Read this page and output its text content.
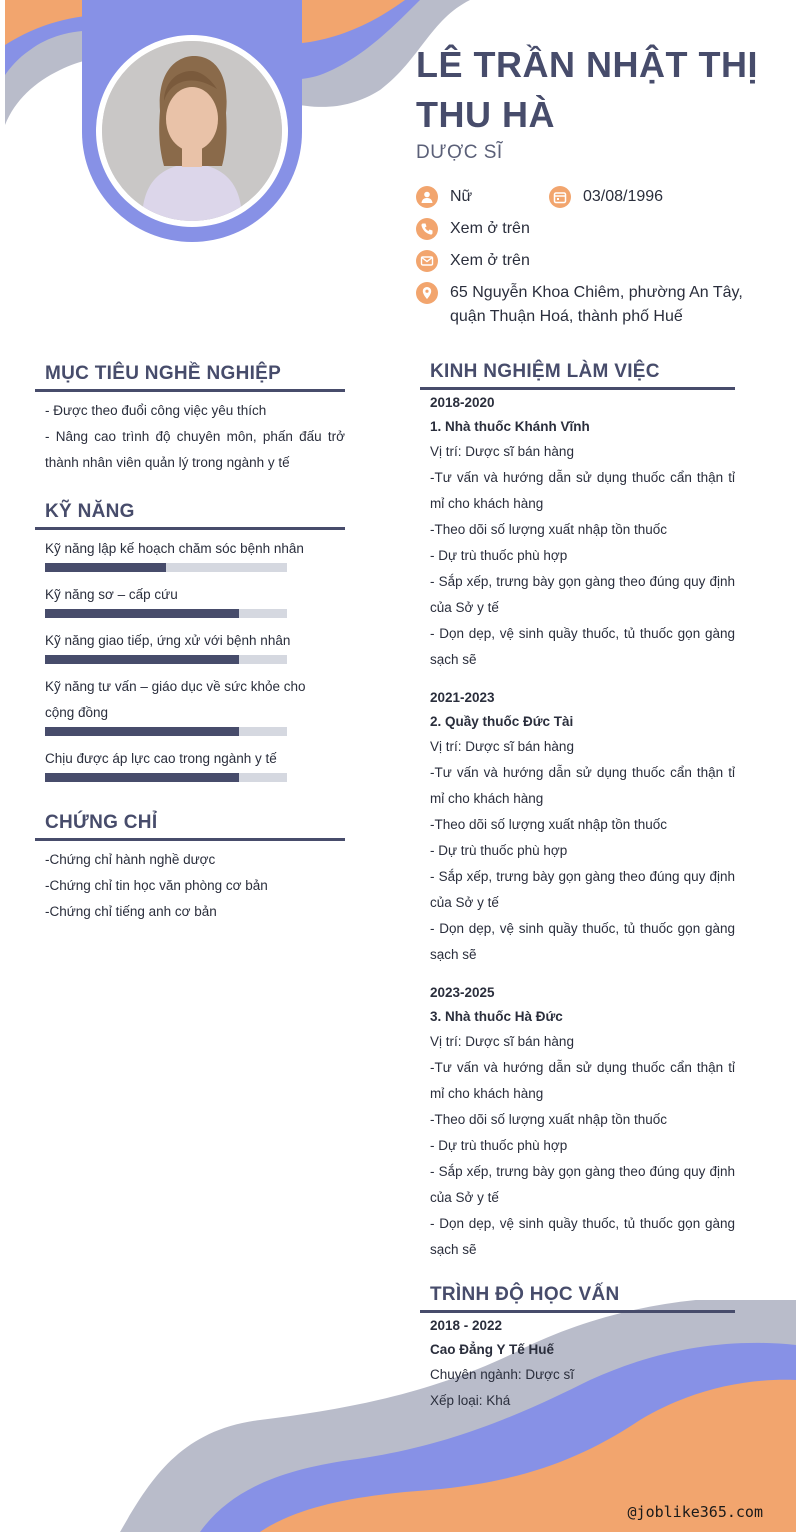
LÊ TRẦN NHẬT THỊ THU HÀ
DƯỢC SĨ
Nữ	03/08/1996
Xem ở trên
Xem ở trên
65 Nguyễn Khoa Chiêm, phường An Tây,
quận Thuận Hoá, thành phố Huế
MỤC TIÊU NGHỀ NGHIỆP
- Được theo đuổi công việc yêu thích
- Nâng cao trình độ chuyên môn, phấn đấu trở thành nhân viên quản lý trong ngành y tế
KỸ NĂNG
Kỹ năng lập kế hoạch chăm sóc bệnh nhân
Kỹ năng sơ – cấp cứu
Kỹ năng giao tiếp, ứng xử với bệnh nhân
Kỹ năng tư vấn – giáo dục về sức khỏe cho cộng đồng
Chịu được áp lực cao trong ngành y tế
CHỨNG CHỈ
-Chứng chỉ hành nghề dược
-Chứng chỉ tin học văn phòng cơ bản
-Chứng chỉ tiếng anh cơ bản
KINH NGHIỆM LÀM VIỆC
2018-2020
1. Nhà thuốc Khánh Vĩnh
Vị trí: Dược sĩ bán hàng
-Tư vấn và hướng dẫn sử dụng thuốc cẩn thận tỉ mỉ cho khách hàng
-Theo dõi số lượng xuất nhập tồn thuốc
- Dự trù thuốc phù hợp
- Sắp xếp, trưng bày gọn gàng theo đúng quy định của Sở y tế
- Dọn dẹp, vệ sinh quầy thuốc, tủ thuốc gọn gàng sạch sẽ
2021-2023
2. Quầy thuốc Đức Tài
Vị trí: Dược sĩ bán hàng
-Tư vấn và hướng dẫn sử dụng thuốc cẩn thận tỉ mỉ cho khách hàng
-Theo dõi số lượng xuất nhập tồn thuốc
- Dự trù thuốc phù hợp
- Sắp xếp, trưng bày gọn gàng theo đúng quy định của Sở y tế
- Dọn dẹp, vệ sinh quầy thuốc, tủ thuốc gọn gàng sạch sẽ
2023-2025
3. Nhà thuốc Hà Đức
Vị trí: Dược sĩ bán hàng
-Tư vấn và hướng dẫn sử dụng thuốc cẩn thận tỉ mỉ cho khách hàng
-Theo dõi số lượng xuất nhập tồn thuốc
- Dự trù thuốc phù hợp
- Sắp xếp, trưng bày gọn gàng theo đúng quy định của Sở y tế
- Dọn dẹp, vệ sinh quầy thuốc, tủ thuốc gọn gàng sạch sẽ
TRÌNH ĐỘ HỌC VẤN
2018 - 2022
Cao Đẳng Y Tế Huế
Chuyên ngành: Dược sĩ
Xếp loại: Khá
@joblike365.com
